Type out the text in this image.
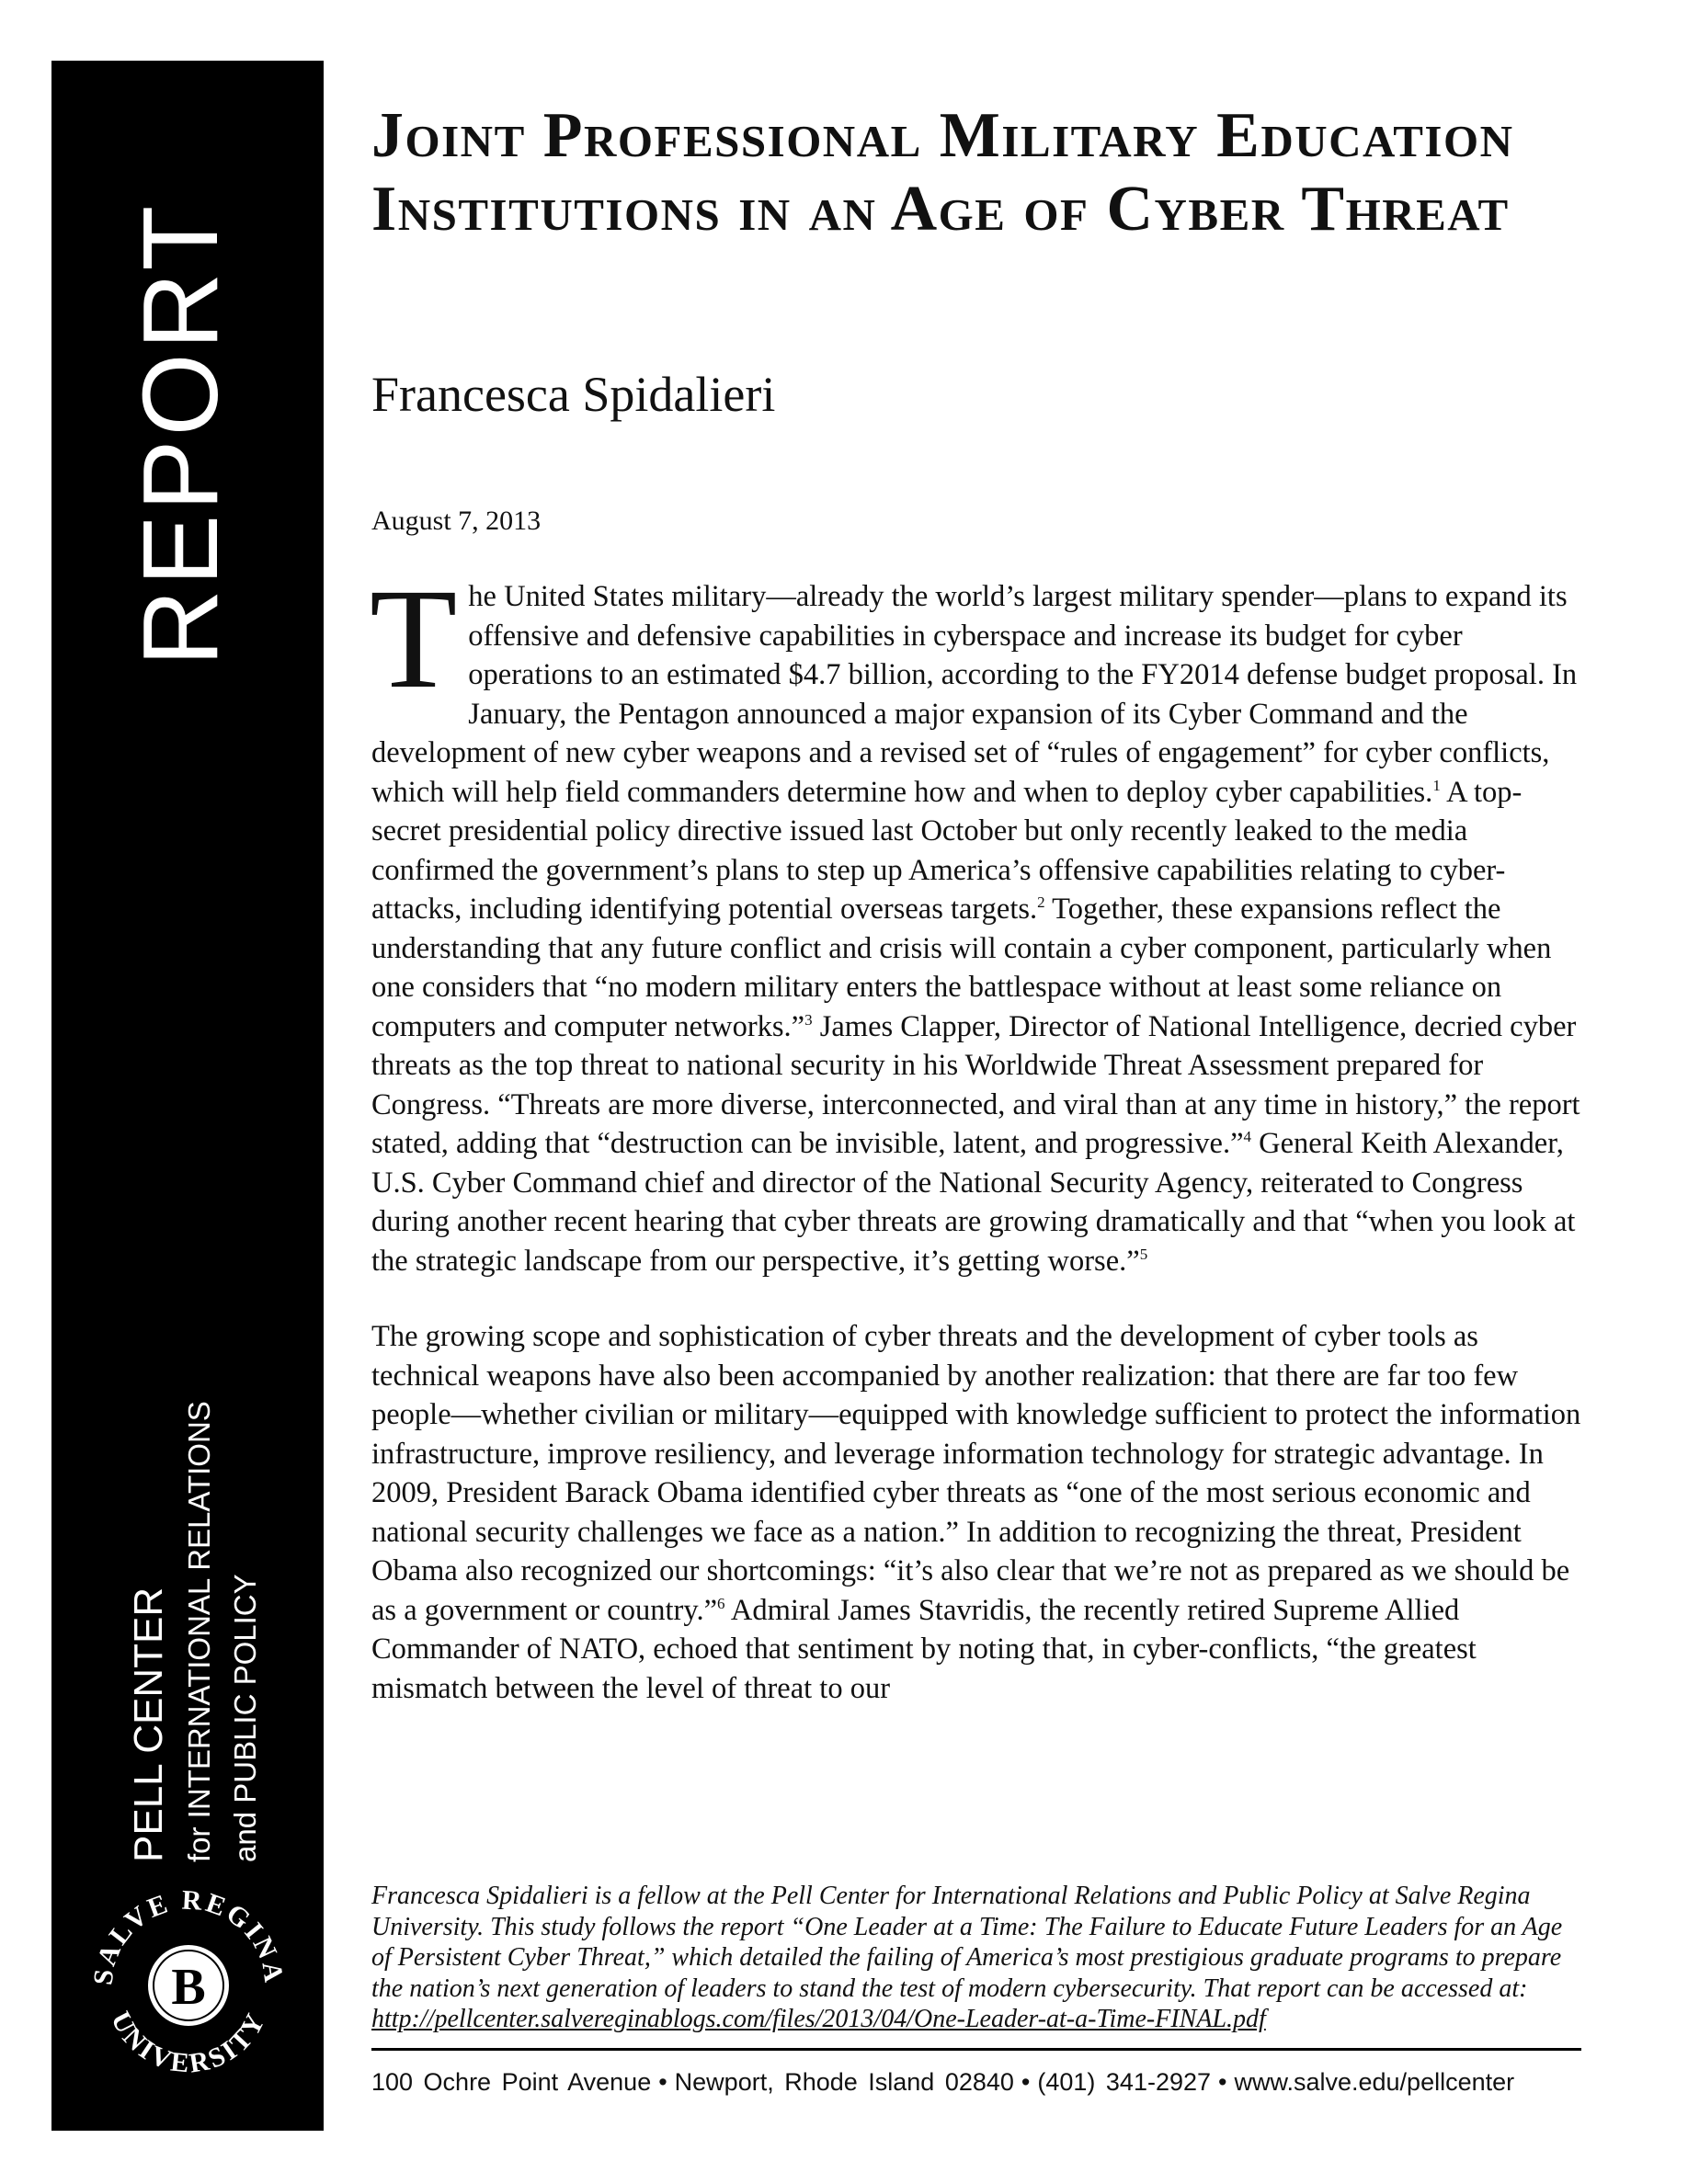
REPORT
PELL CENTER for INTERNATIONAL RELATIONS and PUBLIC POLICY
SALVE REGINA
UNIVERSITY
B
Joint Professional Military Education Institutions in an Age of Cyber Threat
Francesca Spidalieri
August 7, 2013

The United States military—already the world’s largest military spender—plans to expand its offensive and defensive capabilities in cyberspace and increase its budget for cyber operations to an estimated $4.7 billion, according to the FY2014 defense budget proposal. In January, the Pentagon announced a major expansion of its Cyber Command and the development of new cyber weapons and a revised set of “rules of engagement” for cyber conflicts, which will help field commanders determine how and when to deploy cyber capabilities.$^1$ A top-secret presidential policy directive issued last October but only recently leaked to the media confirmed the government’s plans to step up America’s offensive capabilities relating to cyber-attacks, including identifying potential overseas targets.$^2$ Together, these expansions reflect the understanding that any future conflict and crisis will contain a cyber component, particularly when one considers that “no modern military enters the battlespace without at least some reliance on computers and computer networks.”$^3$ James Clapper, Director of National Intelligence, decried cyber threats as the top threat to national security in his Worldwide Threat Assessment prepared for Congress. “Threats are more diverse, interconnected, and viral than at any time in history,” the report stated, adding that “destruction can be invisible, latent, and progressive.”$^4$ General Keith Alexander, U.S. Cyber Command chief and director of the National Security Agency, reiterated to Congress during another recent hearing that cyber threats are growing dramatically and that “when you look at the strategic landscape from our perspective, it’s getting worse.”$^5$

The growing scope and sophistication of cyber threats and the development of cyber tools as technical weapons have also been accompanied by another realization: that there are far too few people—whether civilian or military—equipped with knowledge sufficient to protect the information infrastructure, improve resiliency, and leverage information technology for strategic advantage. In 2009, President Barack Obama identified cyber threats as “one of the most serious economic and national security challenges we face as a nation.” In addition to recognizing the threat, President Obama also recognized our shortcomings: “it’s also clear that we’re not as prepared as we should be as a government or country.”$^6$ Admiral James Stavridis, the recently retired Supreme Allied Commander of NATO, echoed that sentiment by noting that, in cyber-conflicts, “the greatest mismatch between the level of threat to our

Francesca Spidalieri is a fellow at the Pell Center for International Relations and Public Policy at Salve Regina University. This study follows the report “One Leader at a Time: The Failure to Educate Future Leaders for an Age of Persistent Cyber Threat,” which detailed the failing of America’s most prestigious graduate programs to prepare the nation’s next generation of leaders to stand the test of modern cybersecurity. That report can be accessed at:
http://pellcenter.salvereginablogs.com/files/2013/04/One-Leader-at-a-Time-FINAL.pdf
100 Ochre Point Avenue • Newport, Rhode Island 02840 • (401) 341-2927 • www.salve.edu/pellcenter
